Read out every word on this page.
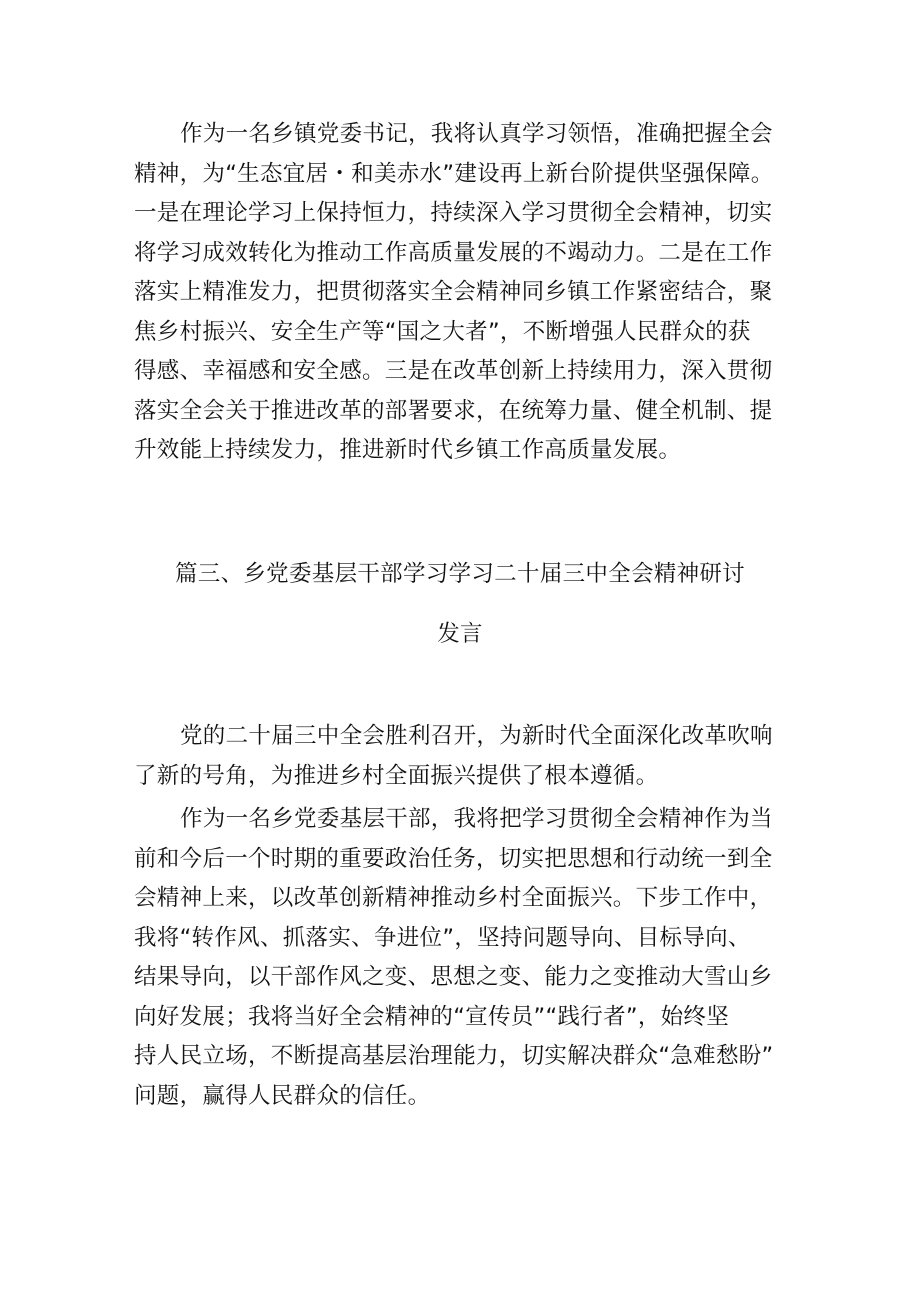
作为一名乡镇党委书记，我将认真学习领悟，准确把握全会
精神，为“生态宜居・和美赤水”建设再上新台阶提供坚强保障。
一是在理论学习上保持恒力，持续深入学习贯彻全会精神，切实
将学习成效转化为推动工作高质量发展的不竭动力。二是在工作
落实上精准发力，把贯彻落实全会精神同乡镇工作紧密结合，聚
焦乡村振兴、安全生产等“国之大者”，不断增强人民群众的获
得感、幸福感和安全感。三是在改革创新上持续用力，深入贯彻
落实全会关于推进改革的部署要求，在统筹力量、健全机制、提
升效能上持续发力，推进新时代乡镇工作高质量发展。
篇三、乡党委基层干部学习学习二十届三中全会精神研讨
发言
党的二十届三中全会胜利召开，为新时代全面深化改革吹响
了新的号角，为推进乡村全面振兴提供了根本遵循。
作为一名乡党委基层干部，我将把学习贯彻全会精神作为当
前和今后一个时期的重要政治任务，切实把思想和行动统一到全
会精神上来，以改革创新精神推动乡村全面振兴。下步工作中，
我将“转作风、抓落实、争进位”，坚持问题导向、目标导向、
结果导向，以干部作风之变、思想之变、能力之变推动大雪山乡
向好发展；我将当好全会精神的“宣传员”“践行者”，始终坚
持人民立场，不断提高基层治理能力，切实解决群众“急难愁盼”
问题，赢得人民群众的信任。
